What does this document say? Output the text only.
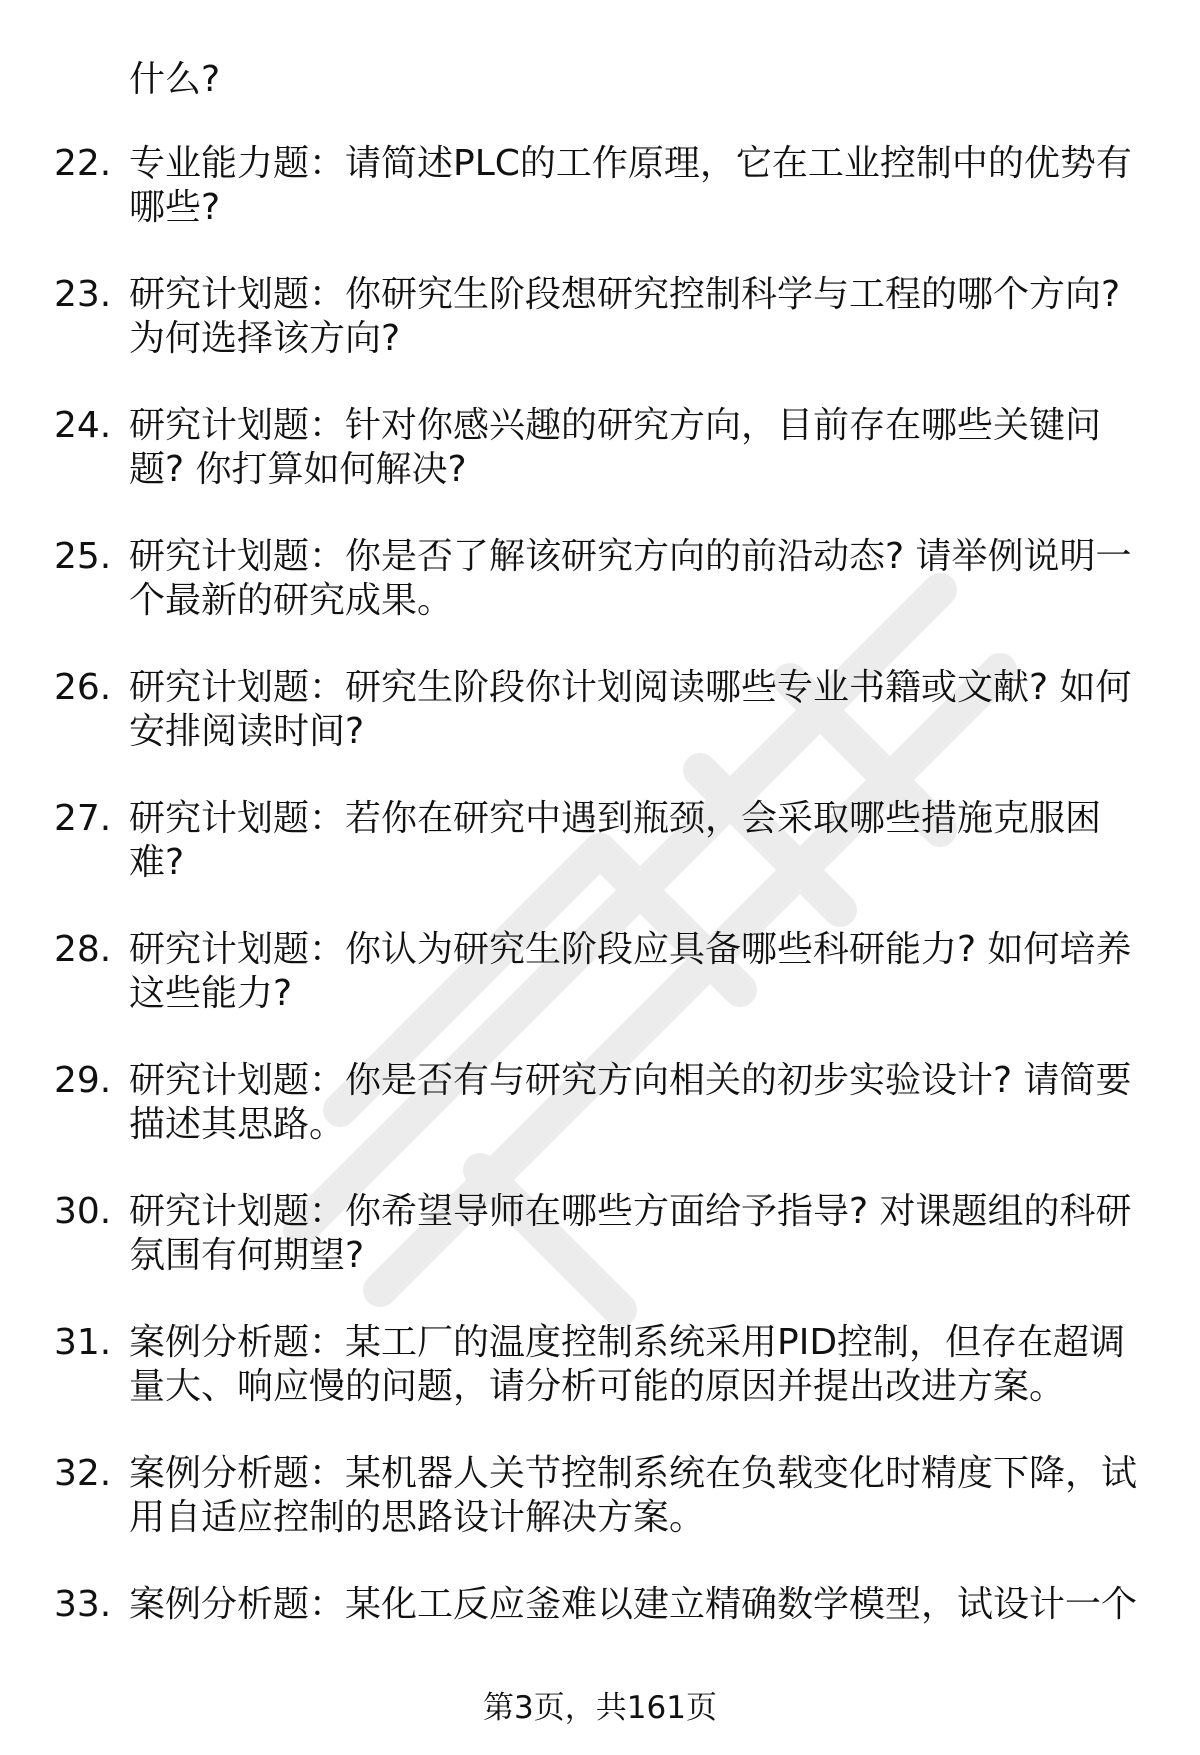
什么?
22. 专业能力题：请简述PLC的工作原理，它在工业控制中的优势有
哪些?
23. 研究计划题：你研究生阶段想研究控制科学与工程的哪个方向?
为何选择该方向?
24. 研究计划题：针对你感兴趣的研究方向，目前存在哪些关键问
题? 你打算如何解决?
25. 研究计划题：你是否了解该研究方向的前沿动态? 请举例说明一
个最新的研究成果。
26. 研究计划题：研究生阶段你计划阅读哪些专业书籍或文献? 如何
安排阅读时间?
27. 研究计划题：若你在研究中遇到瓶颈，会采取哪些措施克服困
难?
28. 研究计划题：你认为研究生阶段应具备哪些科研能力? 如何培养
这些能力?
29. 研究计划题：你是否有与研究方向相关的初步实验设计? 请简要
描述其思路。
30. 研究计划题：你希望导师在哪些方面给予指导? 对课题组的科研
氛围有何期望?
31. 案例分析题：某工厂的温度控制系统采用PID控制，但存在超调
量大、响应慢的问题，请分析可能的原因并提出改进方案。
32. 案例分析题：某机器人关节控制系统在负载变化时精度下降，试
用自适应控制的思路设计解决方案。
33. 案例分析题：某化工反应釜难以建立精确数学模型，试设计一个
第3页，共161页
